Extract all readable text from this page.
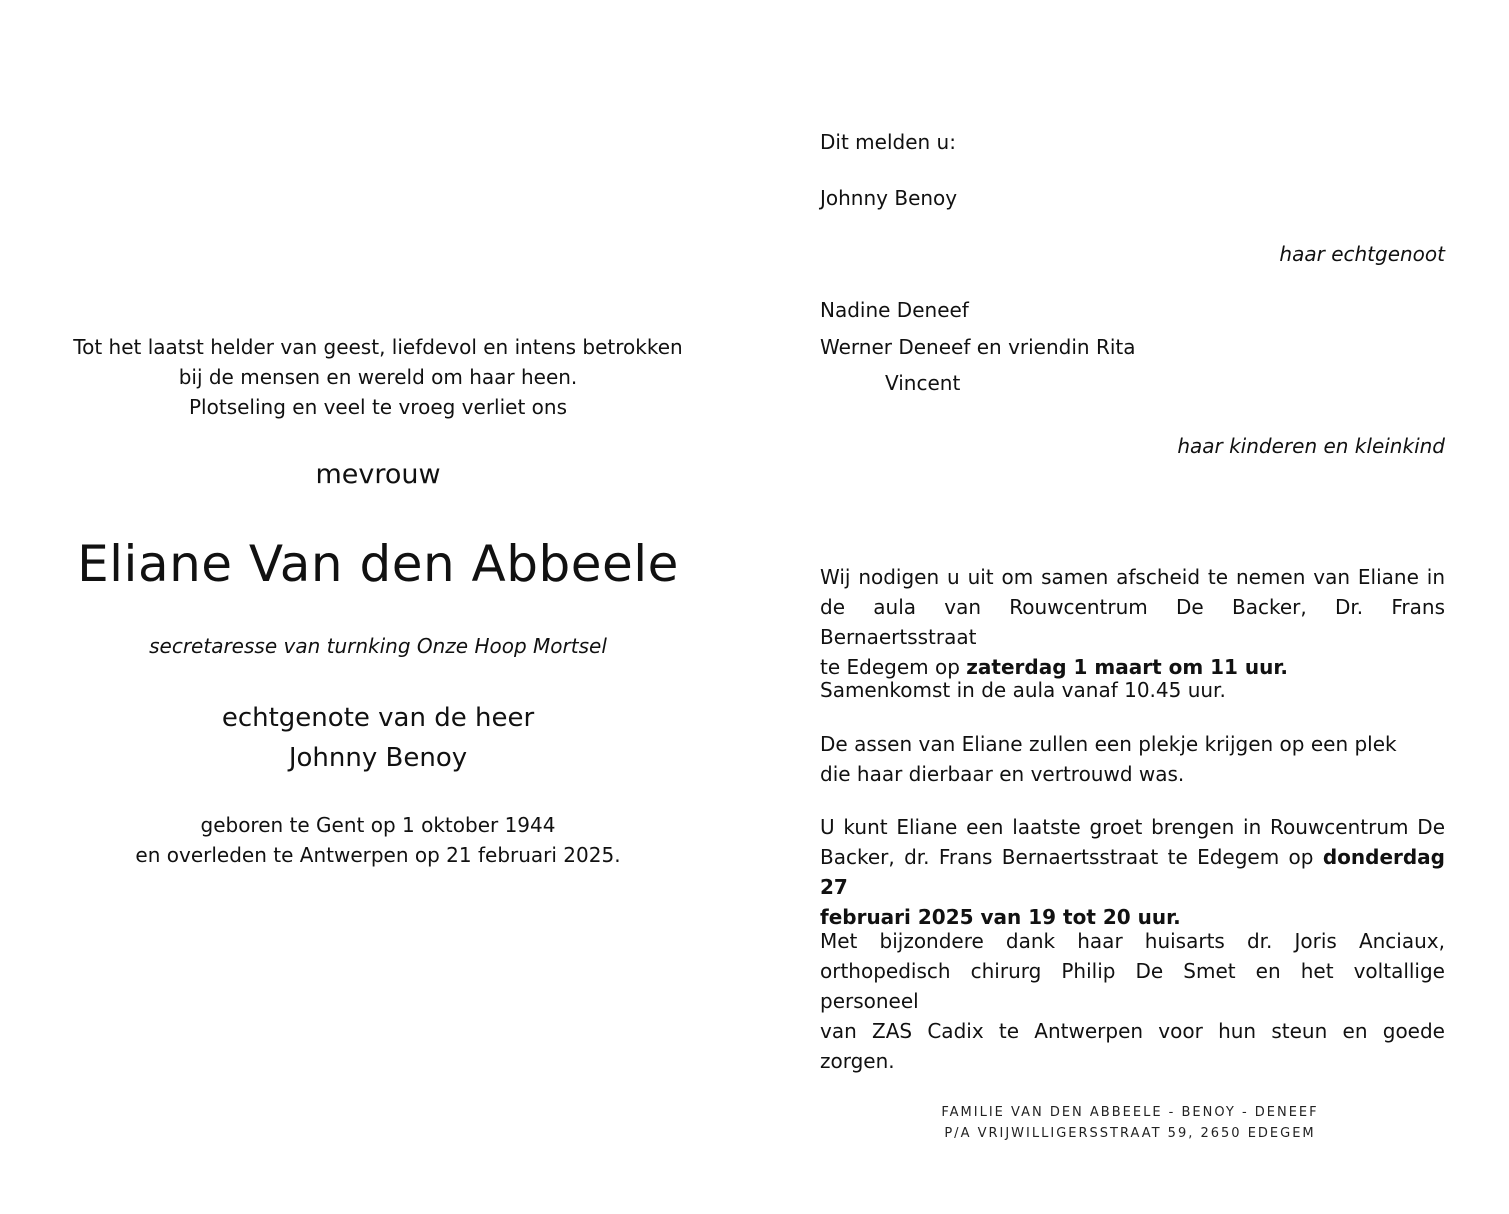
Tot het laatst helder van geest, liefdevol en intens betrokken
bij de mensen en wereld om haar heen.
Plotseling en veel te vroeg verliet ons
mevrouw
Eliane Van den Abbeele
secretaresse van turnking Onze Hoop Mortsel
echtgenote van de heer
Johnny Benoy
geboren te Gent op 1 oktober 1944
en overleden te Antwerpen op 21 februari 2025.
Dit melden u:
Johnny Benoy
haar echtgenoot
Nadine Deneef
Werner Deneef en vriendin Rita
Vincent
haar kinderen en kleinkind
Wij nodigen u uit om samen afscheid te nemen van Eliane in
de aula van Rouwcentrum De Backer, Dr. Frans Bernaertsstraat
te Edegem op zaterdag 1 maart om 11 uur.
Samenkomst in de aula vanaf 10.45 uur.
De assen van Eliane zullen een plekje krijgen op een plek
die haar dierbaar en vertrouwd was.
U kunt Eliane een laatste groet brengen in Rouwcentrum De
Backer, dr. Frans Bernaertsstraat te Edegem op donderdag 27
februari 2025 van 19 tot 20 uur.
Met bijzondere dank haar huisarts dr. Joris Anciaux,
orthopedisch chirurg Philip De Smet en het voltallige personeel
van ZAS Cadix te Antwerpen voor hun steun en goede zorgen.
FAMILIE VAN DEN ABBEELE - BENOY - DENEEF
P/A VRIJWILLIGERSSTRAAT 59, 2650 EDEGEM
